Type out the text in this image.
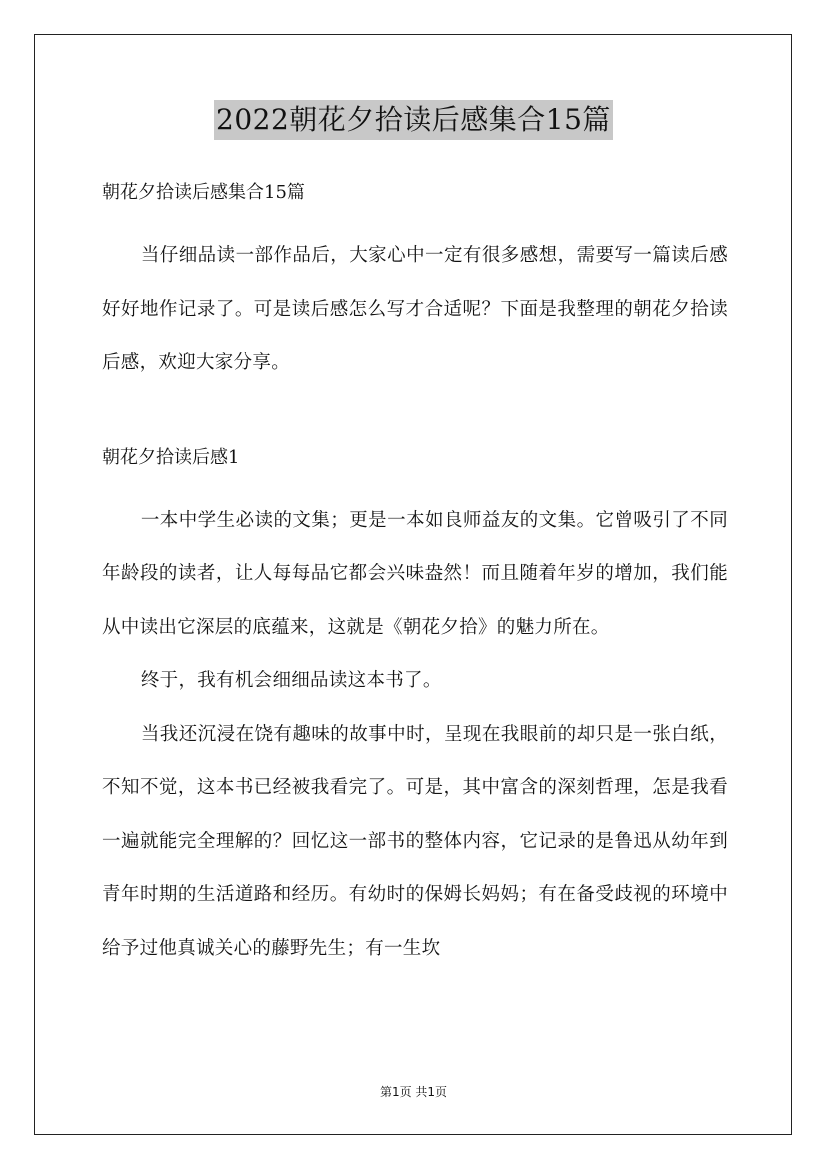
2022朝花夕拾读后感集合15篇

朝花夕拾读后感集合15篇

当仔细品读一部作品后，大家心中一定有很多感想，需要写一篇读后感好好地作记录了。可是读后感怎么写才合适呢？下面是我整理的朝花夕拾读后感，欢迎大家分享。

朝花夕拾读后感1

一本中学生必读的文集；更是一本如良师益友的文集。它曾吸引了不同年龄段的读者，让人每每品它都会兴味盎然！而且随着年岁的增加，我们能从中读出它深层的底蕴来，这就是《朝花夕拾》的魅力所在。

终于，我有机会细细品读这本书了。

当我还沉浸在饶有趣味的故事中时，呈现在我眼前的却只是一张白纸，不知不觉，这本书已经被我看完了。可是，其中富含的深刻哲理，怎是我看一遍就能完全理解的？回忆这一部书的整体内容，它记录的是鲁迅从幼年到青年时期的生活道路和经历。有幼时的保姆长妈妈；有在备受歧视的环境中给予过他真诚关心的藤野先生；有一生坎

第1页 共1页
